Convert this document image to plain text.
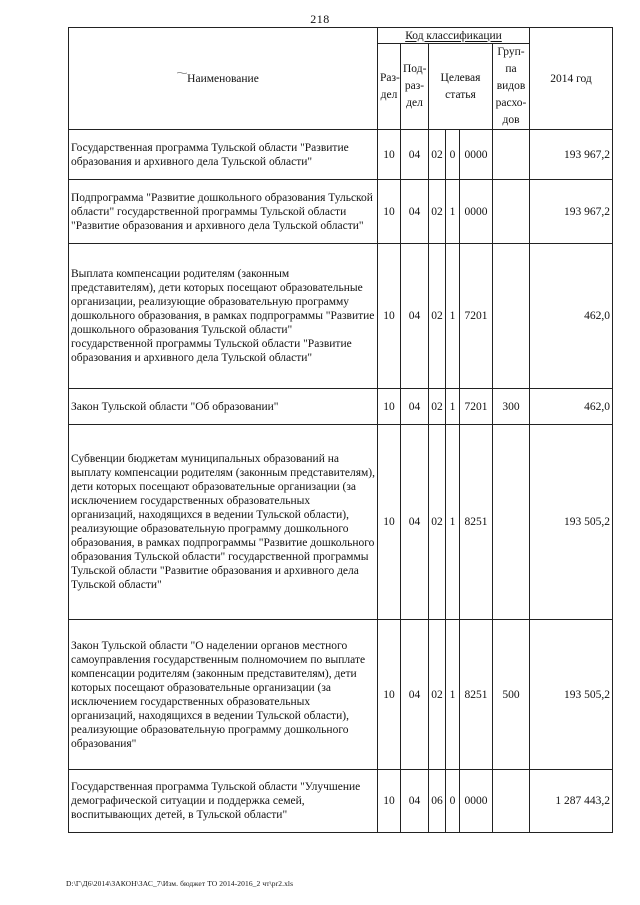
218
Наименование	Код классификации						2014 год
	Раз-дел	Под-раз-дел	Целевая статья			Груп-па видов расхо-дов	
Государственная программа Тульской области "Развитие образования и архивного дела Тульской области"	10	04	02	0	0000		193 967,2
Подпрограмма "Развитие дошкольного образования Тульской области" государственной программы Тульской области "Развитие образования и архивного дела Тульской области"	10	04	02	1	0000		193 967,2
Выплата компенсации родителям (законным представителям), дети которых посещают образовательные организации, реализующие образовательную программу дошкольного образования, в рамках подпрограммы "Развитие дошкольного образования Тульской области" государственной программы Тульской области "Развитие образования и архивного дела Тульской области"	10	04	02	1	7201		462,0
Закон Тульской области "Об образовании"	10	04	02	1	7201	300	462,0
Субвенции бюджетам муниципальных образований на выплату компенсации родителям (законным представителям), дети которых посещают образовательные организации (за исключением государственных образовательных организаций, находящихся в ведении Тульской области), реализующие образовательную программу дошкольного образования, в рамках подпрограммы "Развитие дошкольного образования Тульской области" государственной программы Тульской области "Развитие образования и архивного дела Тульской области"	10	04	02	1	8251		193 505,2
Закон Тульской области "О наделении органов местного самоуправления государственным полномочием по выплате компенсации родителям (законным представителям), дети которых посещают образовательные организации (за исключением государственных образовательных организаций, находящихся в ведении Тульской области), реализующие образовательную программу дошкольного образования"	10	04	02	1	8251	500	193 505,2
Государственная программа Тульской области "Улучшение демографической ситуации и поддержка семей, воспитывающих детей, в Тульской области"	10	04	06	0	0000		1 287 443,2
D:\Г\Д6\2014\ЗАКОН\ЗАС_7\Изм. бюджет ТО 2014-2016_2 чт\pr2.xls
